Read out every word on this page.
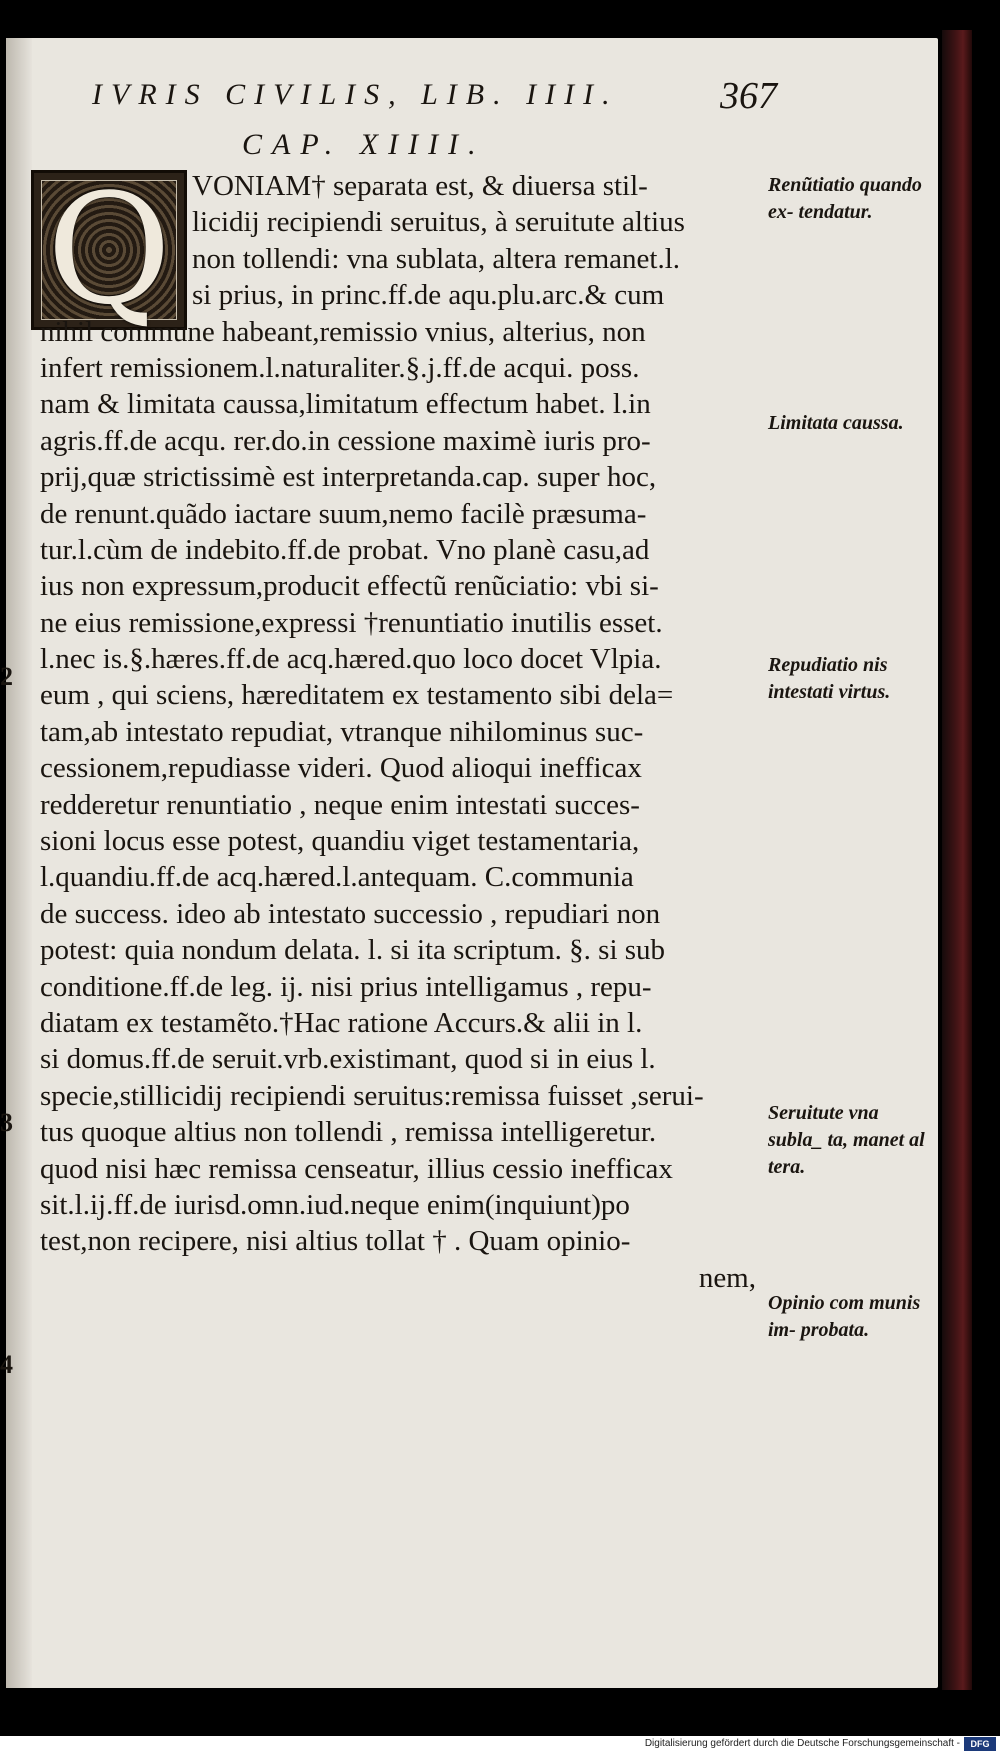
IVRIS CIVILIS, LIB. IIII.	367
CAP. XIIII.
Q VONIAM† separata est, & diuersa stil-
licidij recipiendi seruitus, à seruitute altius
non tollendi: vna sublata, altera remanet.l.
si prius, in princ.ff.de aqu.plu.arc.& cum
nihil commune habeant,remissio vnius, alterius, non
infert remissionem.l.naturaliter.§.j.ff.de acqui. poss.
nam & limitata caussa,limitatum effectum habet. l.in
agris.ff.de acqu. rer.do.in cessione maximè iuris pro-
prij,quæ strictissimè est interpretanda.cap. super hoc,
de renunt.quãdo iactare suum,nemo facilè præsuma-
tur.l.cùm de indebito.ff.de probat. Vno planè casu,ad
ius non expressum,producit effectũ renũciatio: vbi si-
ne eius remissione,expressi †renuntiatio inutilis esset.
l.nec is.§.hæres.ff.de acq.hæred.quo loco docet Vlpia.
eum , qui sciens, hæreditatem ex testamento sibi dela=
tam,ab intestato repudiat, vtranque nihilominus suc-
cessionem,repudiasse videri. Quod alioqui inefficax
redderetur renuntiatio , neque enim intestati succes-
sioni locus esse potest, quandiu viget testamentaria,
l.quandiu.ff.de acq.hæred.l.antequam. C.communia
de success. ideo ab intestato successio , repudiari non
potest: quia nondum delata. l. si ita scriptum. §. si sub
conditione.ff.de leg. ij. nisi prius intelligamus , repu-
diatam ex testamẽto.†Hac ratione Accurs.& alii in l.
si domus.ff.de seruit.vrb.existimant, quod si in eius l.
specie,stillicidij recipiendi seruitus:remissa fuisset ,serui-
tus quoque altius non tollendi , remissa intelligeretur.
quod nisi hæc remissa censeatur, illius cessio inefficax
sit.l.ij.ff.de iurisd.omn.iud.neque enim(inquiunt)po
test,non recipere, nisi altius tollat † . Quam opinio-
nem,
Renũtiatio quando ex- tendatur.
Limitata caussa.
Repudiatio nis intestati virtus.
Seruitute vna subla_ ta, manet al tera.
Opinio com munis im- probata.
2
3
4
Digitalisierung gefördert durch die Deutsche Forschungsgemeinschaft -	DFG
